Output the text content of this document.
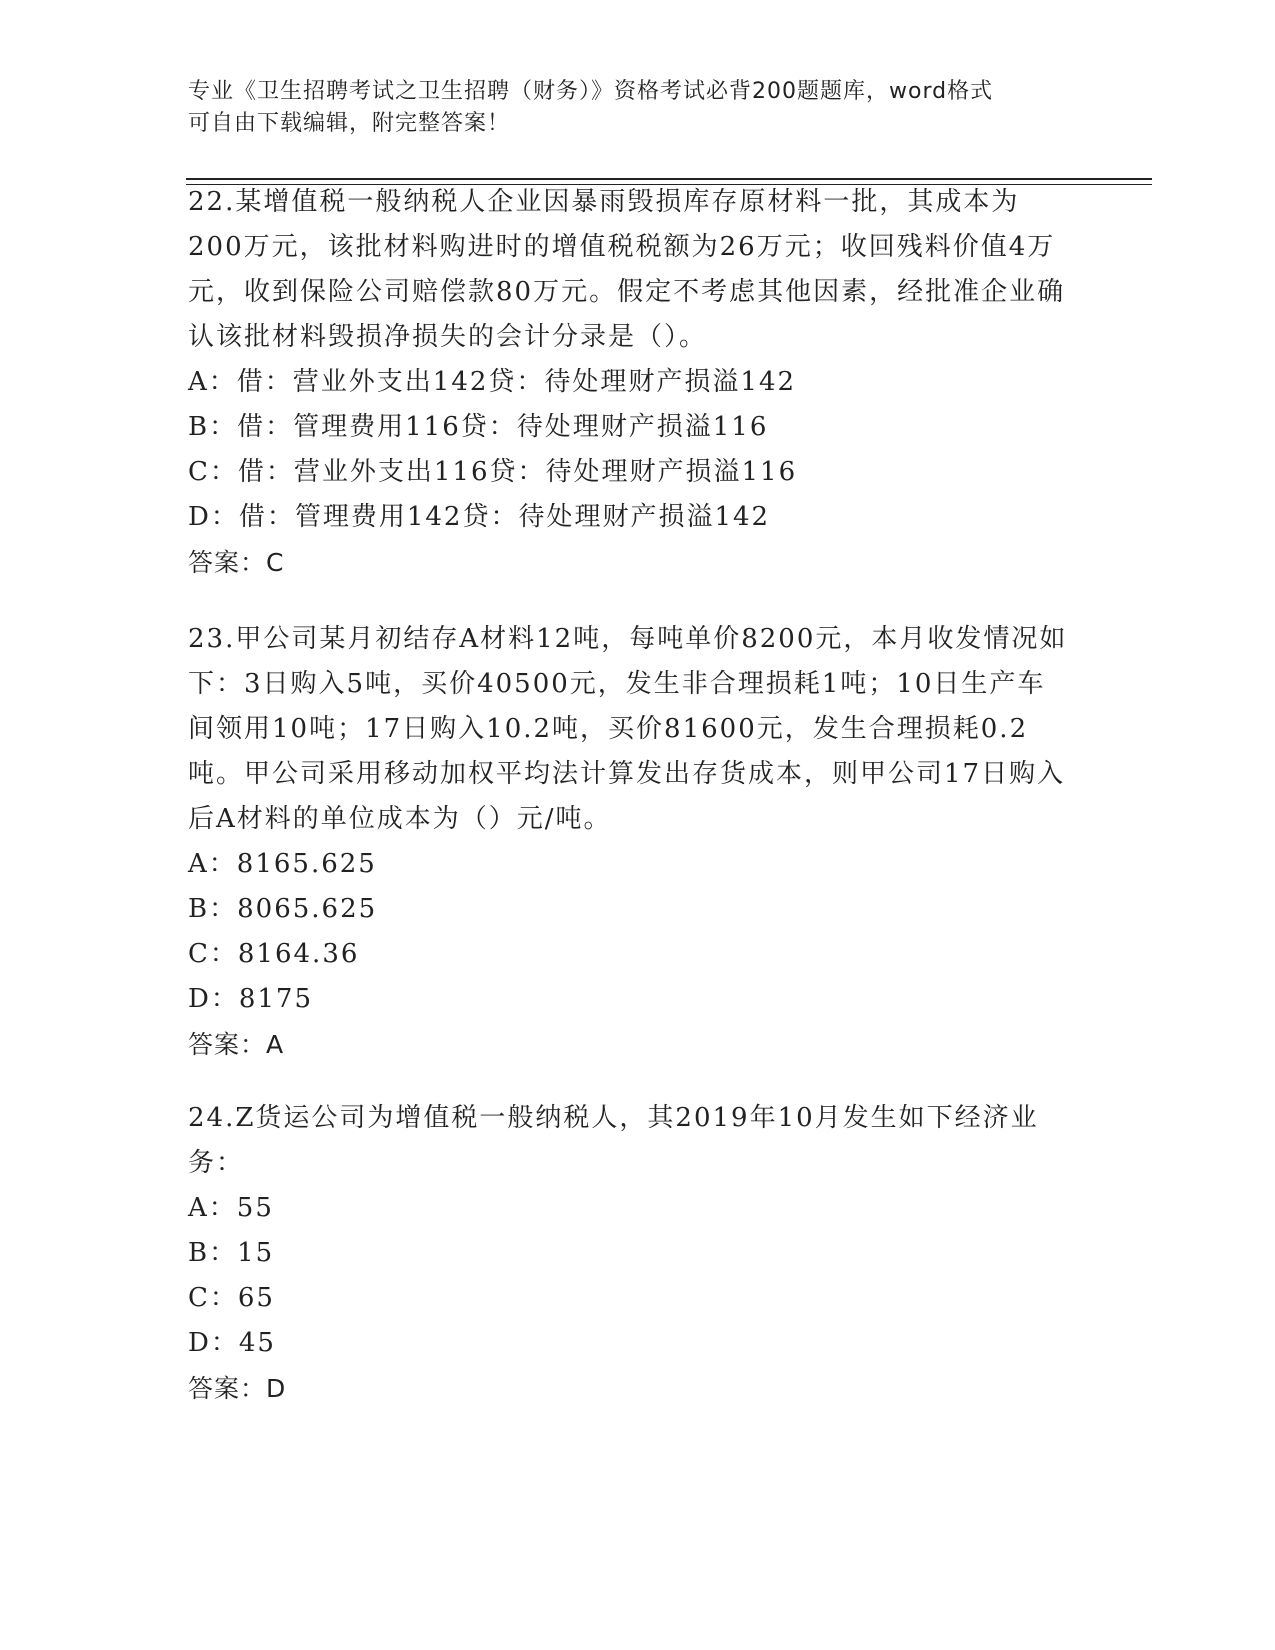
专业《卫生招聘考试之卫生招聘（财务）》资格考试必背200题题库，word格式
可自由下载编辑，附完整答案！
22.某增值税一般纳税人企业因暴雨毁损库存原材料一批，其成本为200万元，该批材料购进时的增值税税额为26万元；收回残料价值4万元，收到保险公司赔偿款80万元。假定不考虑其他因素，经批准企业确认该批材料毁损净损失的会计分录是（）。
A：借：营业外支出142贷：待处理财产损溢142
B：借：管理费用116贷：待处理财产损溢116
C：借：营业外支出116贷：待处理财产损溢116
D：借：管理费用142贷：待处理财产损溢142
答案：C
23.甲公司某月初结存A材料12吨，每吨单价8200元，本月收发情况如下：3日购入5吨，买价40500元，发生非合理损耗1吨；10日生产车间领用10吨；17日购入10.2吨，买价81600元，发生合理损耗0.2吨。甲公司采用移动加权平均法计算发出存货成本，则甲公司17日购入后A材料的单位成本为（）元/吨。
A：8165.625
B：8065.625
C：8164.36
D：8175
答案：A
24.Z货运公司为增值税一般纳税人，其2019年10月发生如下经济业务：
A：55
B：15
C：65
D：45
答案：D
